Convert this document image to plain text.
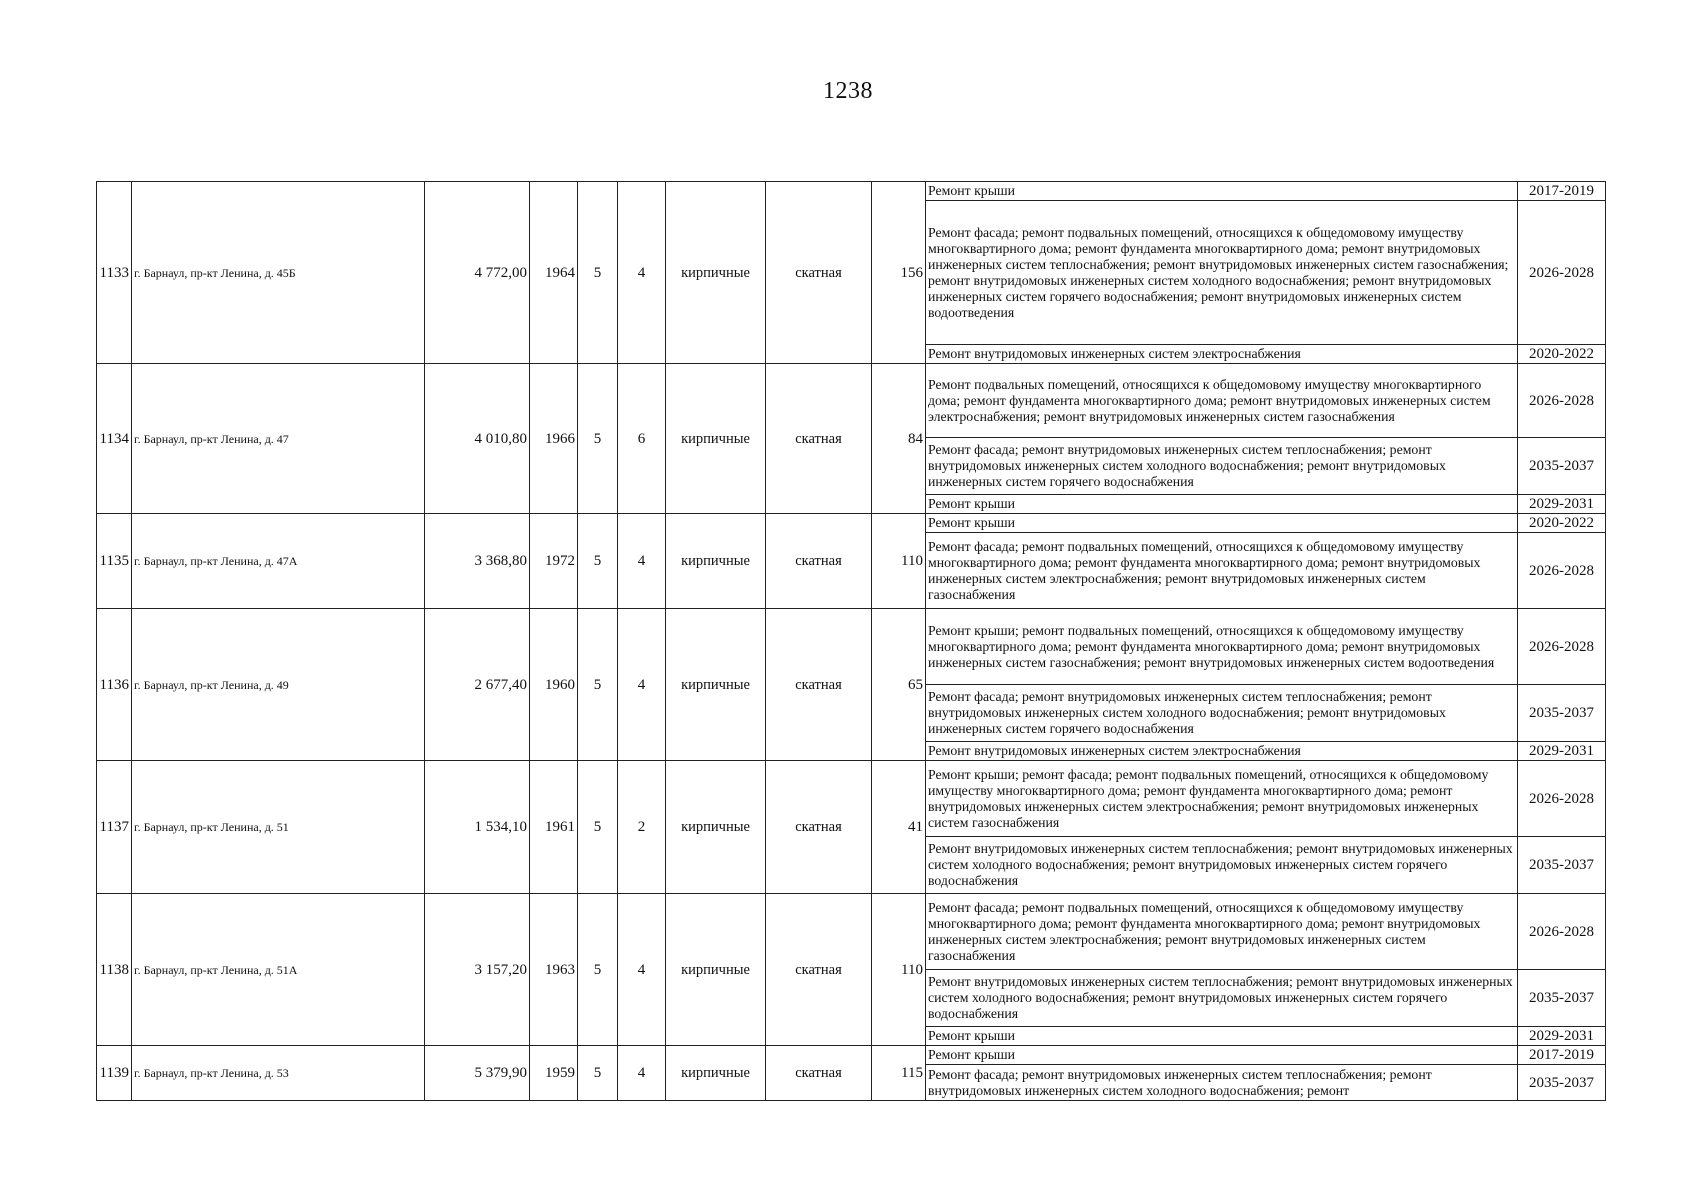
1238
1133	г. Барнаул, пр-кт Ленина, д. 45Б	4 772,00	1964	5	4	кирпичные	скатная	156	Ремонт крыши	2017-2019
									Ремонт фасада; ремонт подвальных помещений, относящихся к общедомовому имуществу многоквартирного дома; ремонт фундамента многоквартирного дома; ремонт внутридомовых инженерных систем теплоснабжения; ремонт внутридомовых инженерных систем газоснабжения; ремонт внутридомовых инженерных систем холодного водоснабжения; ремонт внутридомовых инженерных систем горячего водоснабжения; ремонт внутридомовых инженерных систем водоотведения	2026-2028
									Ремонт внутридомовых инженерных систем электроснабжения	2020-2022
1134	г. Барнаул, пр-кт Ленина, д. 47	4 010,80	1966	5	6	кирпичные	скатная	84	Ремонт подвальных помещений, относящихся к общедомовому имуществу многоквартирного дома; ремонт фундамента многоквартирного дома; ремонт внутридомовых инженерных систем электроснабжения; ремонт внутридомовых инженерных систем газоснабжения	2026-2028
									Ремонт фасада; ремонт внутридомовых инженерных систем теплоснабжения; ремонт внутридомовых инженерных систем холодного водоснабжения; ремонт внутридомовых инженерных систем горячего водоснабжения	2035-2037
									Ремонт крыши	2029-2031
1135	г. Барнаул, пр-кт Ленина, д. 47А	3 368,80	1972	5	4	кирпичные	скатная	110	Ремонт крыши	2020-2022
									Ремонт фасада; ремонт подвальных помещений, относящихся к общедомовому имуществу многоквартирного дома; ремонт фундамента многоквартирного дома; ремонт внутридомовых инженерных систем электроснабжения; ремонт внутридомовых инженерных систем газоснабжения	2026-2028
1136	г. Барнаул, пр-кт Ленина, д. 49	2 677,40	1960	5	4	кирпичные	скатная	65	Ремонт крыши; ремонт подвальных помещений, относящихся к общедомовому имуществу многоквартирного дома; ремонт фундамента многоквартирного дома; ремонт внутридомовых инженерных систем газоснабжения; ремонт внутридомовых инженерных систем водоотведения	2026-2028
									Ремонт фасада; ремонт внутридомовых инженерных систем теплоснабжения; ремонт внутридомовых инженерных систем холодного водоснабжения; ремонт внутридомовых инженерных систем горячего водоснабжения	2035-2037
									Ремонт внутридомовых инженерных систем электроснабжения	2029-2031
1137	г. Барнаул, пр-кт Ленина, д. 51	1 534,10	1961	5	2	кирпичные	скатная	41	Ремонт крыши; ремонт фасада; ремонт подвальных помещений, относящихся к общедомовому имуществу многоквартирного дома; ремонт фундамента многоквартирного дома; ремонт внутридомовых инженерных систем электроснабжения; ремонт внутридомовых инженерных систем газоснабжения	2026-2028
									Ремонт внутридомовых инженерных систем теплоснабжения; ремонт внутридомовых инженерных систем холодного водоснабжения; ремонт внутридомовых инженерных систем горячего водоснабжения	2035-2037
1138	г. Барнаул, пр-кт Ленина, д. 51А	3 157,20	1963	5	4	кирпичные	скатная	110	Ремонт фасада; ремонт подвальных помещений, относящихся к общедомовому имуществу многоквартирного дома; ремонт фундамента многоквартирного дома; ремонт внутридомовых инженерных систем электроснабжения; ремонт внутридомовых инженерных систем газоснабжения	2026-2028
									Ремонт внутридомовых инженерных систем теплоснабжения; ремонт внутридомовых инженерных систем холодного водоснабжения; ремонт внутридомовых инженерных систем горячего водоснабжения	2035-2037
									Ремонт крыши	2029-2031
1139	г. Барнаул, пр-кт Ленина, д. 53	5 379,90	1959	5	4	кирпичные	скатная	115	Ремонт крыши	2017-2019
									Ремонт фасада; ремонт внутридомовых инженерных систем теплоснабжения; ремонт внутридомовых инженерных систем холодного водоснабжения; ремонт	2035-2037
